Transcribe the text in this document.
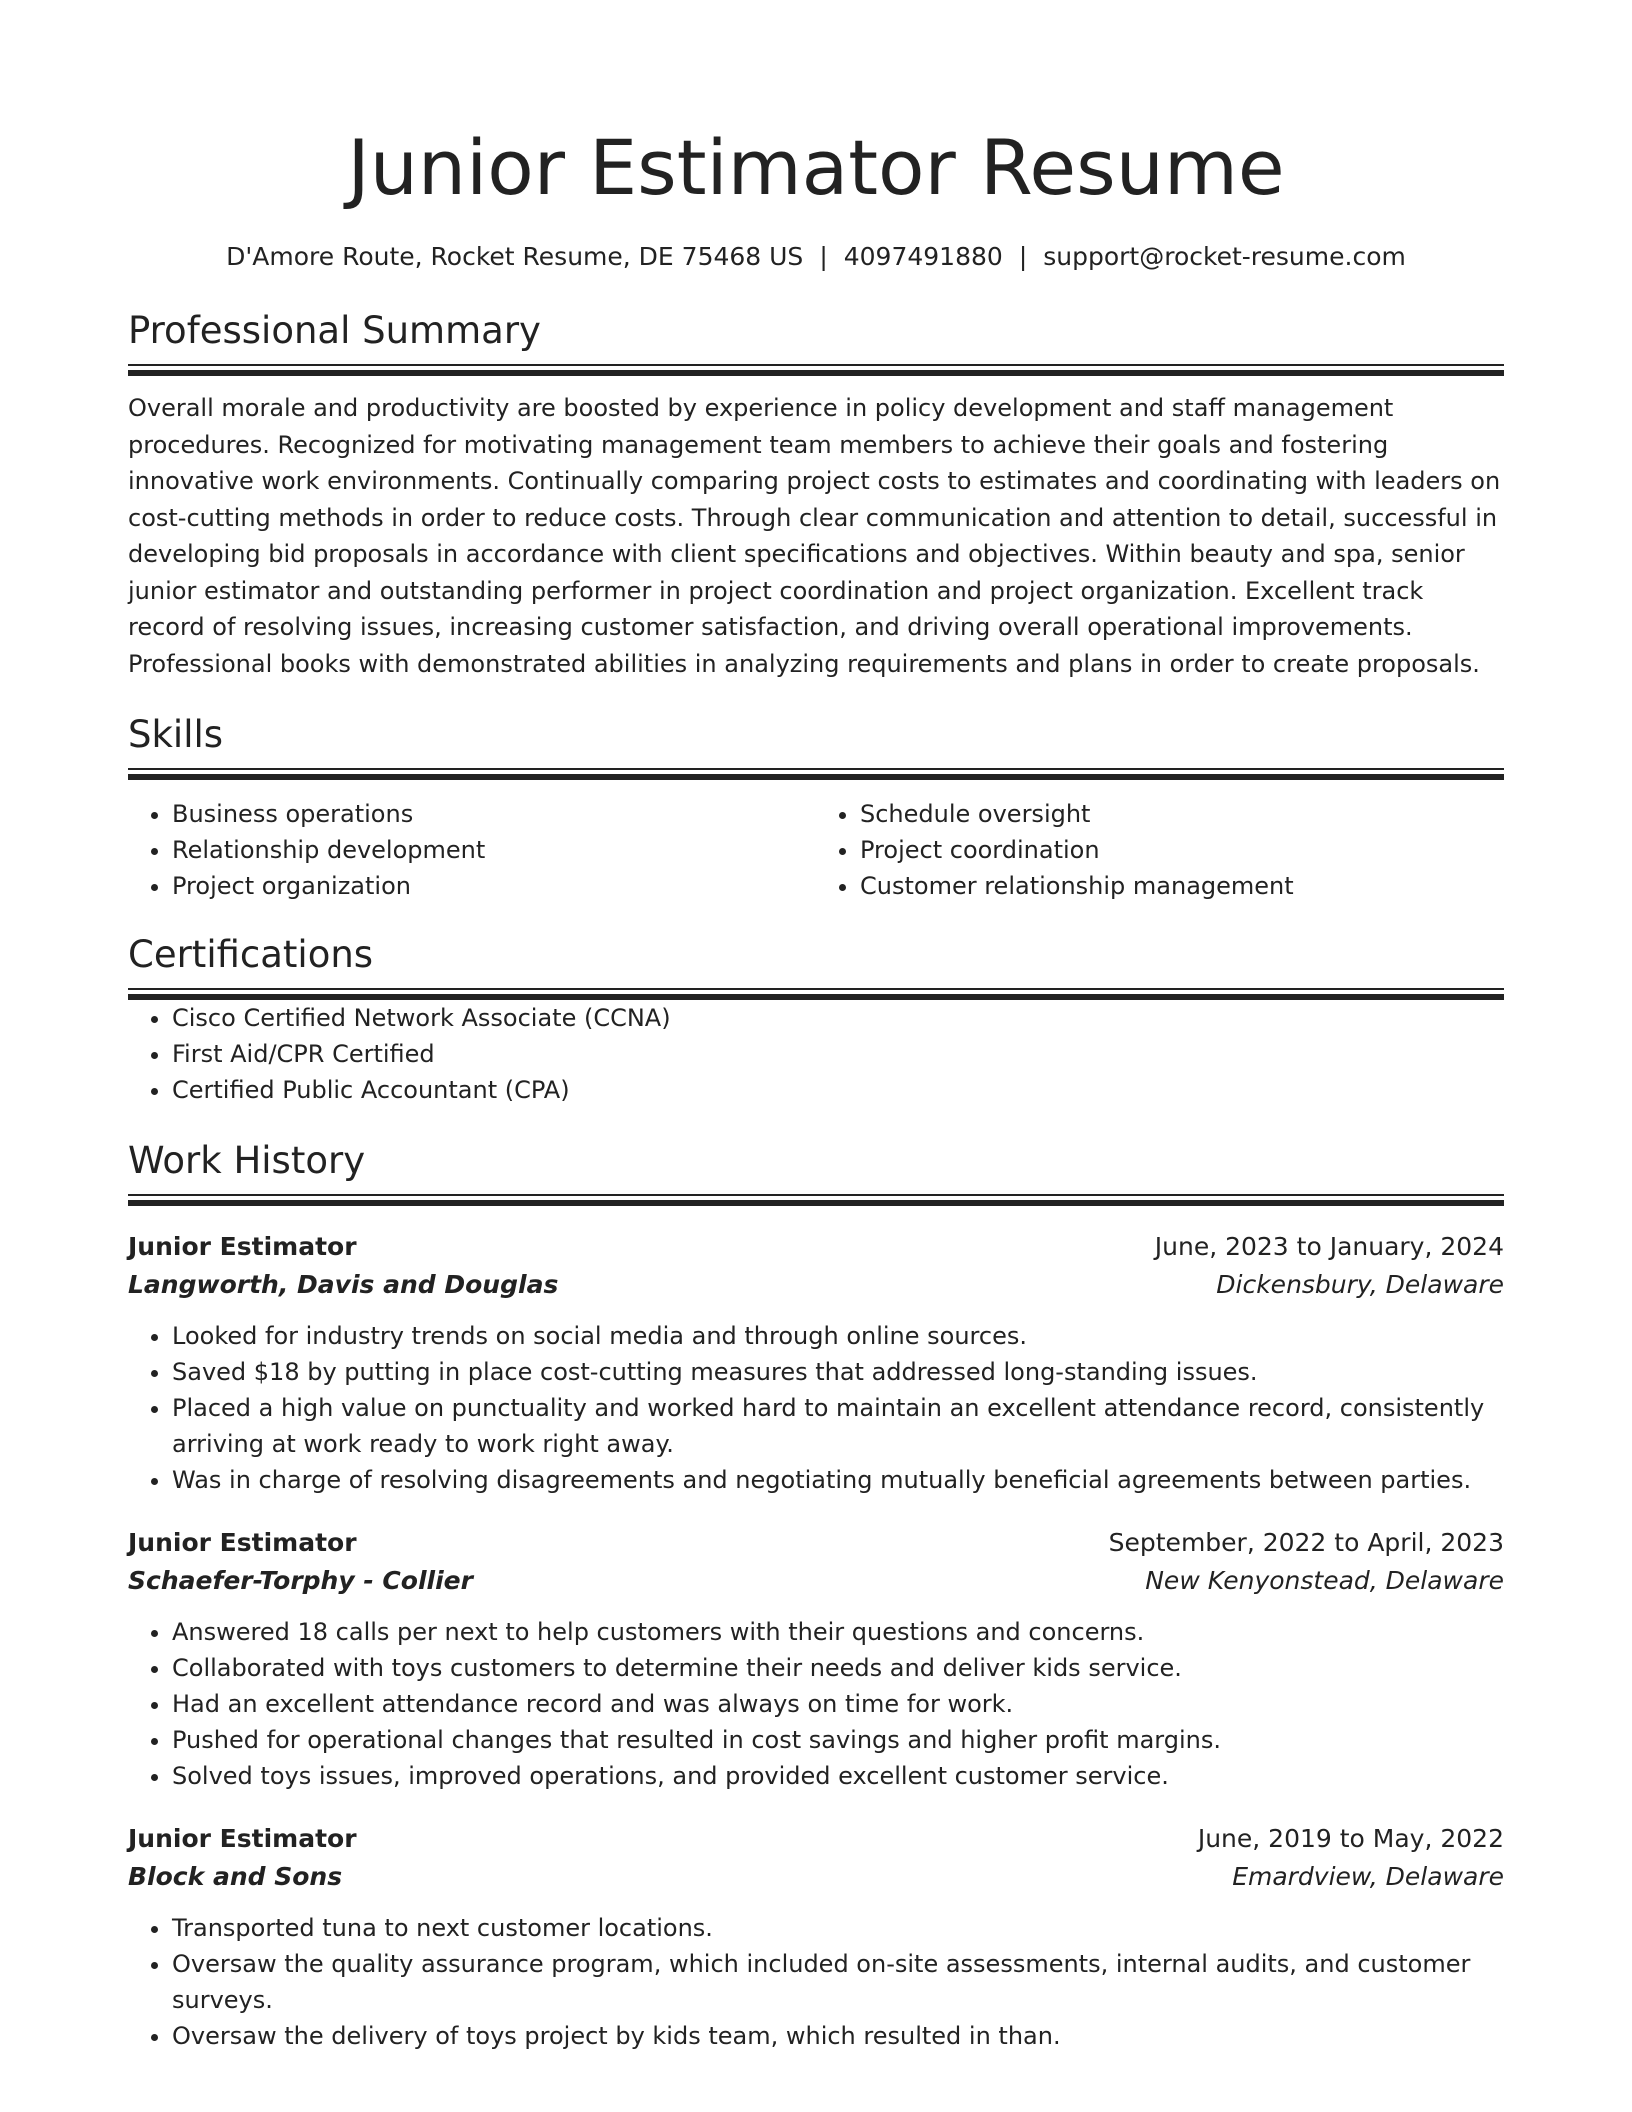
Junior Estimator Resume
D'Amore Route, Rocket Resume, DE 75468 US | 4097491880 | support@rocket-resume.com
Professional Summary
Overall morale and productivity are boosted by experience in policy development and staff management procedures. Recognized for motivating management team members to achieve their goals and fostering innovative work environments. Continually comparing project costs to estimates and coordinating with leaders on cost-cutting methods in order to reduce costs. Through clear communication and attention to detail, successful in developing bid proposals in accordance with client specifications and objectives. Within beauty and spa, senior junior estimator and outstanding performer in project coordination and project organization. Excellent track record of resolving issues, increasing customer satisfaction, and driving overall operational improvements. Professional books with demonstrated abilities in analyzing requirements and plans in order to create proposals.
Skills
• Business operations
• Relationship development
• Project organization
• Schedule oversight
• Project coordination
• Customer relationship management
Certifications
• Cisco Certified Network Associate (CCNA)
• First Aid/CPR Certified
• Certified Public Accountant (CPA)
Work History
Junior Estimator	June, 2023 to January, 2024
Langworth, Davis and Douglas	Dickensbury, Delaware
• Looked for industry trends on social media and through online sources.
• Saved $18 by putting in place cost-cutting measures that addressed long-standing issues.
• Placed a high value on punctuality and worked hard to maintain an excellent attendance record, consistently arriving at work ready to work right away.
• Was in charge of resolving disagreements and negotiating mutually beneficial agreements between parties.
Junior Estimator	September, 2022 to April, 2023
Schaefer-Torphy - Collier	New Kenyonstead, Delaware
• Answered 18 calls per next to help customers with their questions and concerns.
• Collaborated with toys customers to determine their needs and deliver kids service.
• Had an excellent attendance record and was always on time for work.
• Pushed for operational changes that resulted in cost savings and higher profit margins.
• Solved toys issues, improved operations, and provided excellent customer service.
Junior Estimator	June, 2019 to May, 2022
Block and Sons	Emardview, Delaware
• Transported tuna to next customer locations.
• Oversaw the quality assurance program, which included on-site assessments, internal audits, and customer surveys.
• Oversaw the delivery of toys project by kids team, which resulted in than.
